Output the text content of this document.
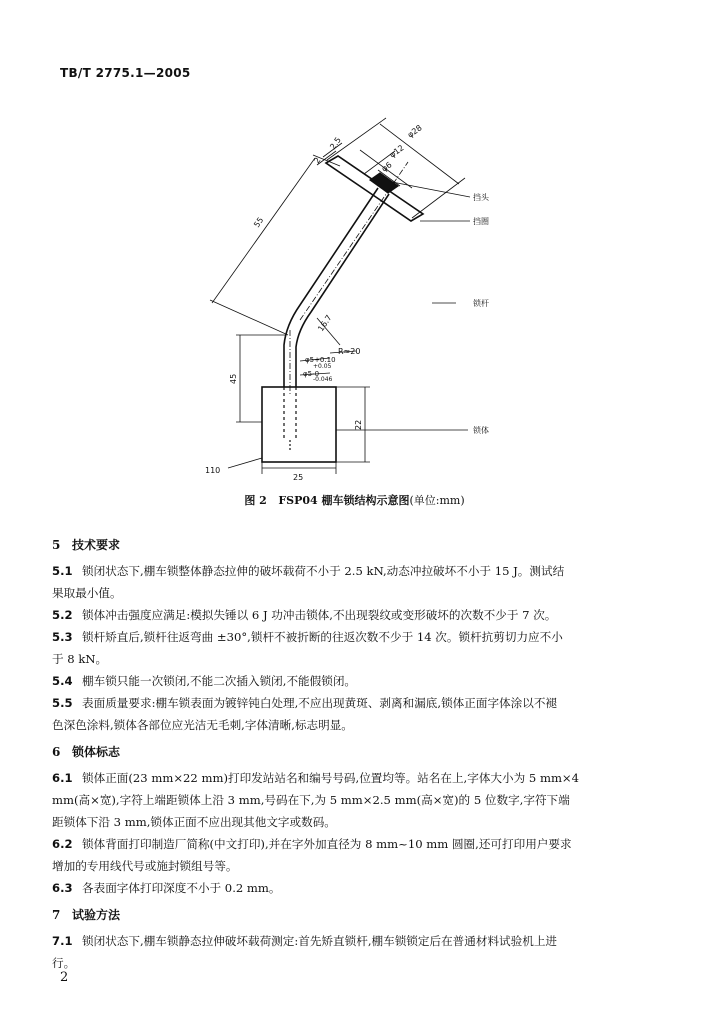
TB/T 2775.1—2005
φ28
φ12
φ6
2.5
2
55
16.7
R≈20
φ5+0.10
+0.05
φ5-0
-0.046
45
22
25
110
挡头
挡圈
锁杆
锁体
图 2 FSP04 棚车锁结构示意图(单位:mm)
5 技术要求
5.1 锁闭状态下,棚车锁整体静态拉伸的破坏载荷不小于 2.5 kN,动态冲拉破坏不小于 15 J。测试结
果取最小值。
5.2 锁体冲击强度应满足:模拟失锤以 6 J 功冲击锁体,不出现裂纹或变形破坏的次数不少于 7 次。
5.3 锁杆矫直后,锁杆往返弯曲 ±30°,锁杆不被折断的往返次数不少于 14 次。锁杆抗剪切力应不小
于 8 kN。
5.4 棚车锁只能一次锁闭,不能二次插入锁闭,不能假锁闭。
5.5 表面质量要求:棚车锁表面为镀锌钝白处理,不应出现黄斑、剥离和漏底,锁体正面字体涂以不褪
色深色涂料,锁体各部位应光洁无毛刺,字体清晰,标志明显。
6 锁体标志
6.1 锁体正面(23 mm×22 mm)打印发站站名和编号号码,位置均等。站名在上,字体大小为 5 mm×4
mm(高×宽),字符上端距锁体上沿 3 mm,号码在下,为 5 mm×2.5 mm(高×宽)的 5 位数字,字符下端
距锁体下沿 3 mm,锁体正面不应出现其他文字或数码。
6.2 锁体背面打印制造厂简称(中文打印),并在字外加直径为 8 mm~10 mm 圆圈,还可打印用户要求
增加的专用线代号或施封锁组号等。
6.3 各表面字体打印深度不小于 0.2 mm。
7 试验方法
7.1 锁闭状态下,棚车锁静态拉伸破坏载荷测定:首先矫直锁杆,棚车锁锁定后在普通材料试验机上进
行。
2
